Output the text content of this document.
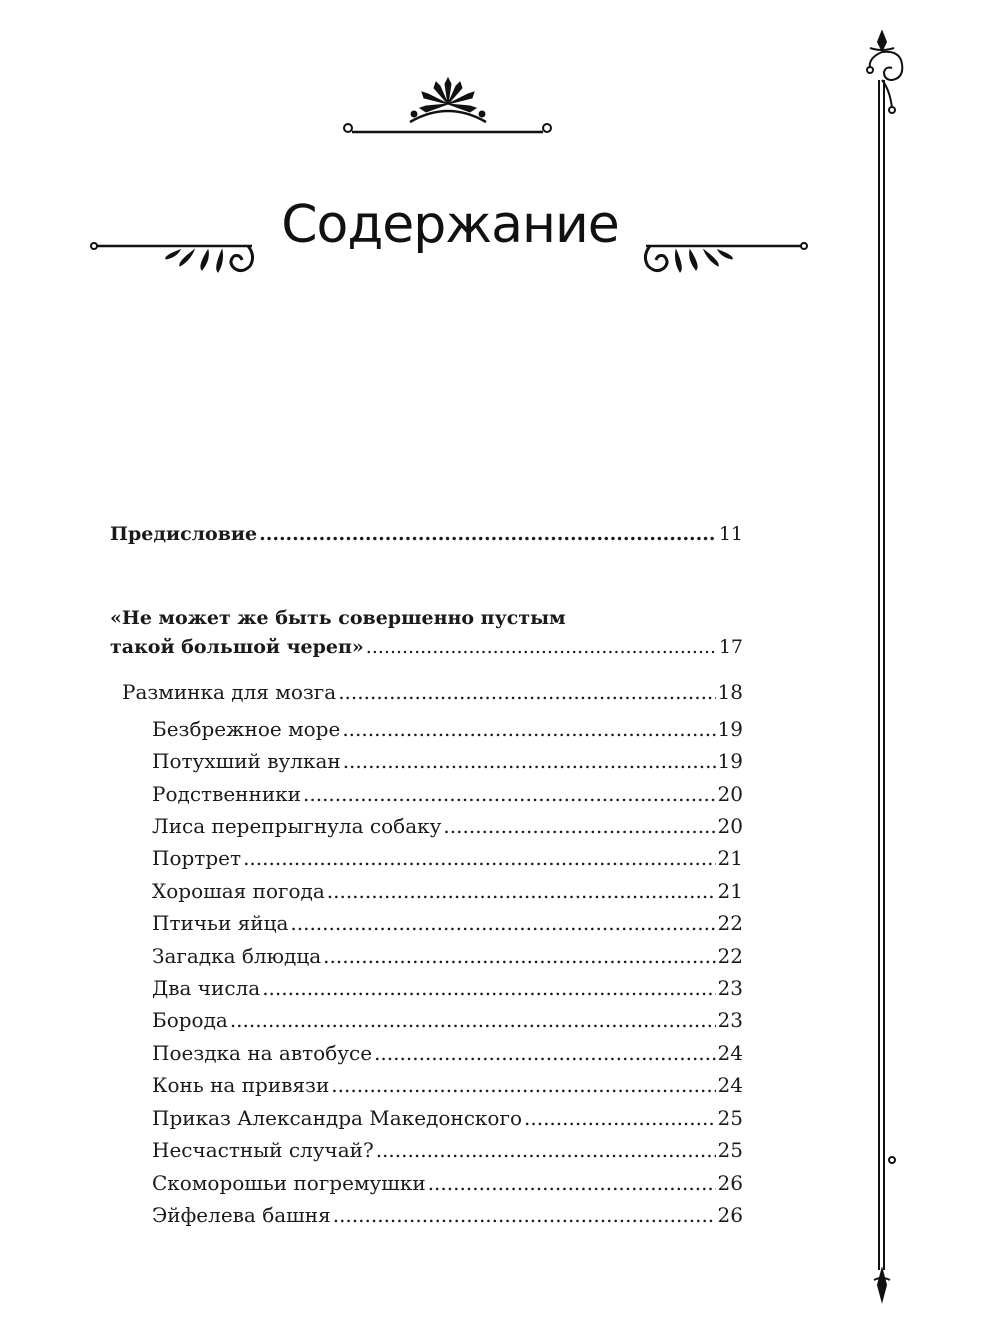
Содержание
Предисловие .....	11
«Не может же быть совершенно пустым
такой большой череп» .....	17
Разминка для мозга .....	18
Безбрежное море .....	19
Потухший вулкан .....	19
Родственники .....	20
Лиса перепрыгнула собаку .....	20
Портрет .....	21
Хорошая погода .....	21
Птичьи яйца .....	22
Загадка блюдца .....	22
Два числа .....	23
Борода .....	23
Поездка на автобусе .....	24
Конь на привязи .....	24
Приказ Александра Македонского .....	25
Несчастный случай? .....	25
Скоморошьи погремушки .....	26
Эйфелева башня .....	26
